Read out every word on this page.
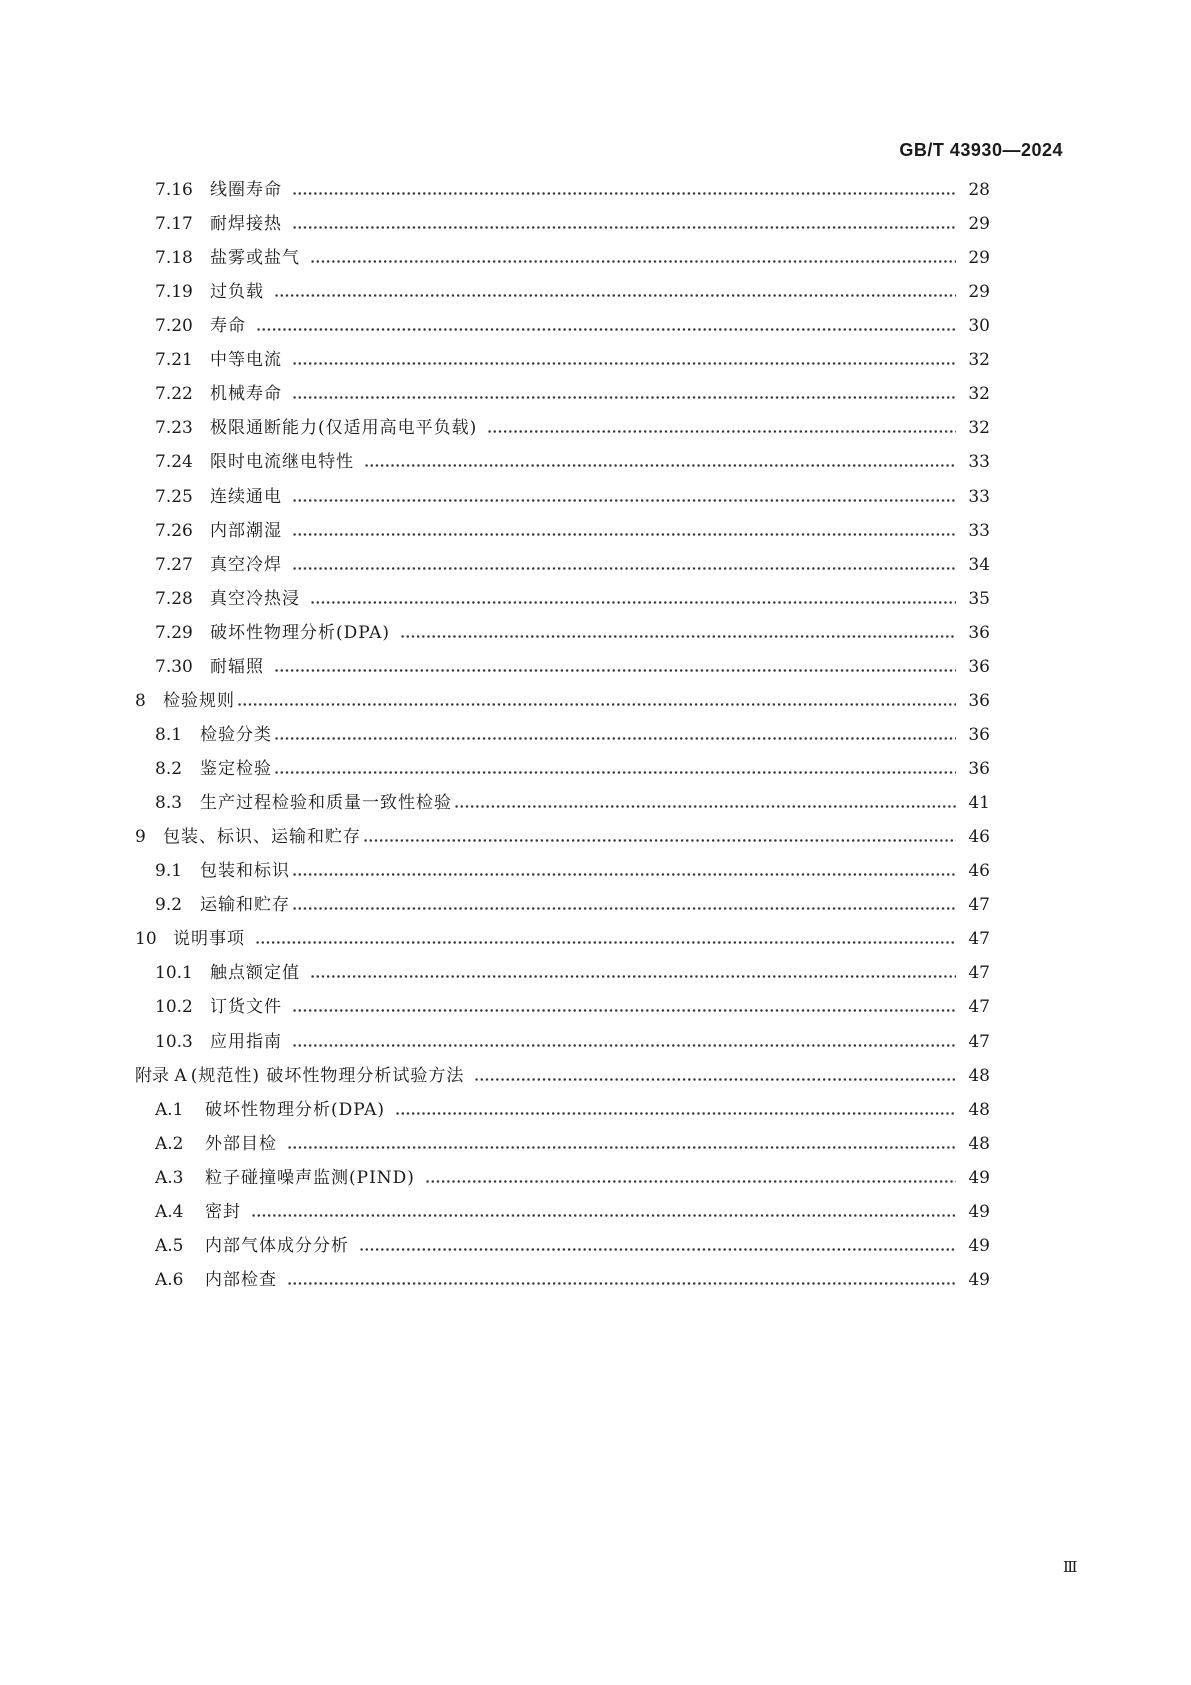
GB/T 43930—2024
7.16	线圈寿命	28
7.17	耐焊接热	29
7.18	盐雾或盐气	29
7.19	过负载	29
7.20	寿命	30
7.21	中等电流	32
7.22	机械寿命	32
7.23	极限通断能力(仅适用高电平负载)	32
7.24	限时电流继电特性	33
7.25	连续通电	33
7.26	内部潮湿	33
7.27	真空冷焊	34
7.28	真空冷热浸	35
7.29	破坏性物理分析(DPA)	36
7.30	耐辐照	36
8	检验规则	36
8.1	检验分类	36
8.2	鉴定检验	36
8.3	生产过程检验和质量一致性检验	41
9	包装、标识、运输和贮存	46
9.1	包装和标识	46
9.2	运输和贮存	47
10 说明事项	47
10.1	触点额定值	47
10.2	订货文件	47
10.3	应用指南	47
附录 A (规范性) 破坏性物理分析试验方法	48
A.1	破坏性物理分析(DPA)	48
A.2	外部目检	48
A.3	粒子碰撞噪声监测(PIND)	49
A.4	密封	49
A.5	内部气体成分分析	49
A.6	内部检查	49
Ⅲ
